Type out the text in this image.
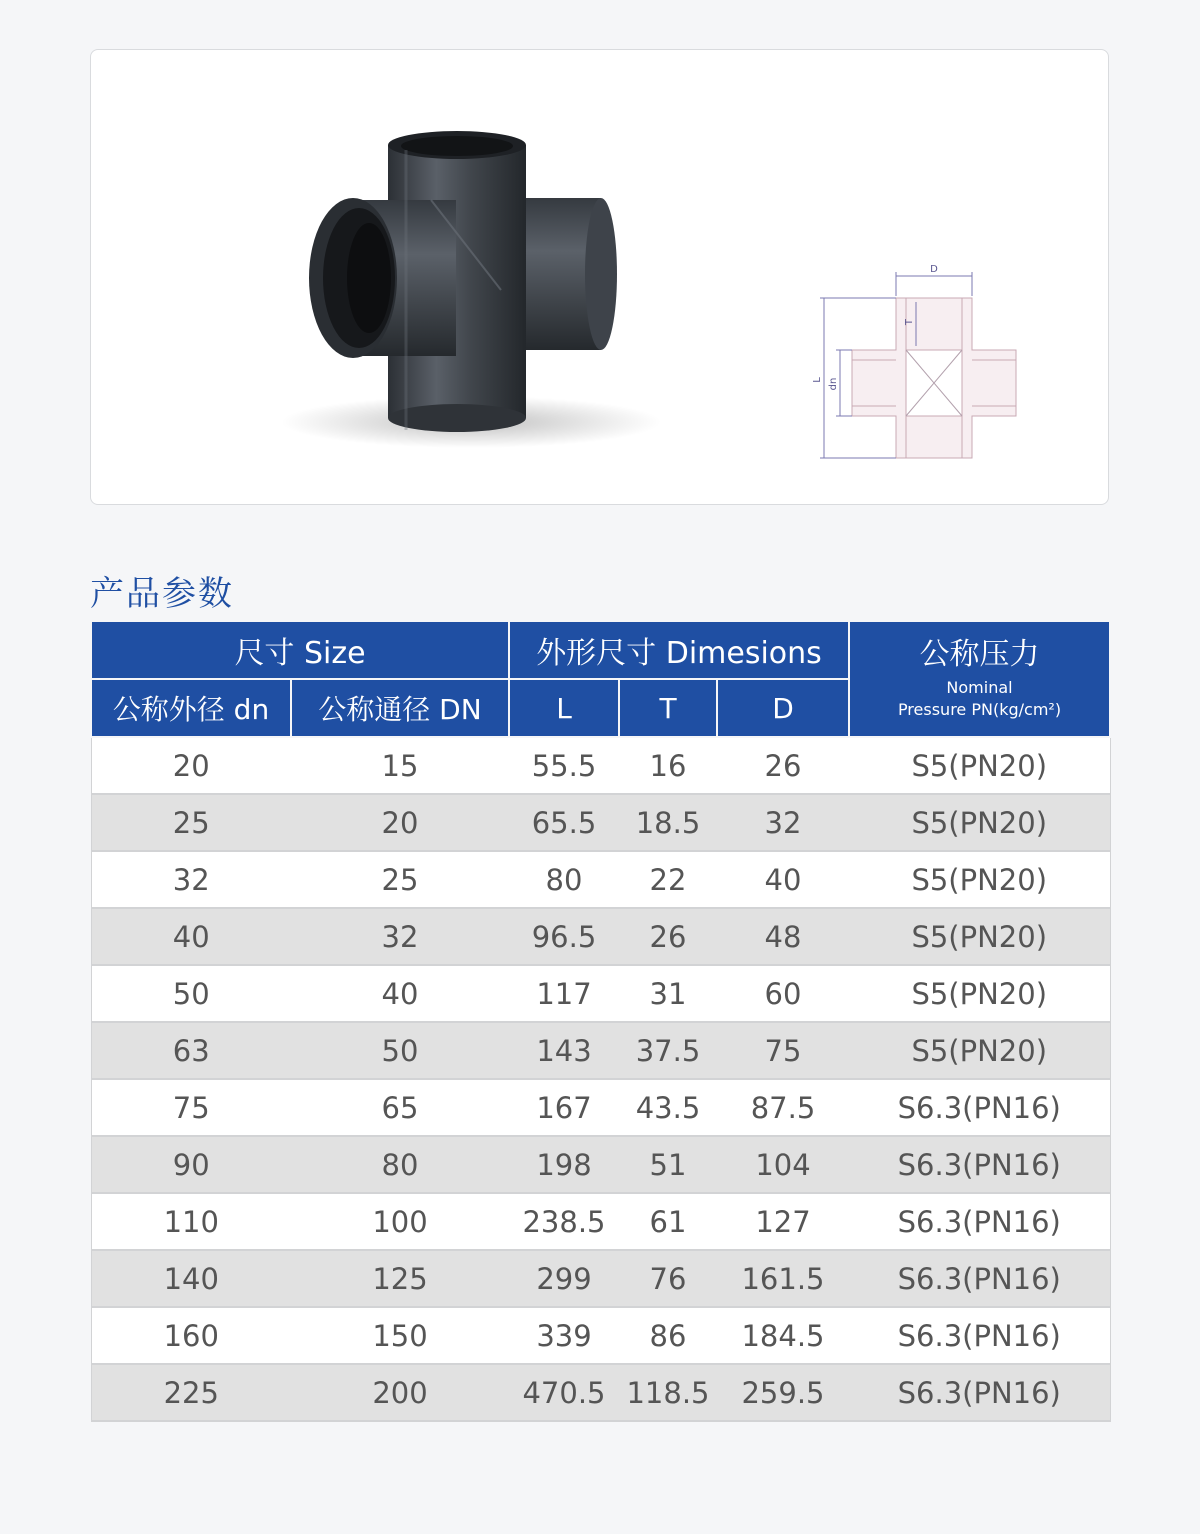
D
T
L dn
产品参数
尺寸 Size		外形尺寸 Dimesions			公称压力
Nominal
Pressure PN(kg/cm²)

公称外径 dn	公称通径 DN	L	T	D	
20	15	55.5	16	26	S5(PN20)
25	20	65.5	18.5	32	S5(PN20)
32	25	80	22	40	S5(PN20)
40	32	96.5	26	48	S5(PN20)
50	40	117	31	60	S5(PN20)
63	50	143	37.5	75	S5(PN20)
75	65	167	43.5	87.5	S6.3(PN16)
90	80	198	51	104	S6.3(PN16)
110	100	238.5	61	127	S6.3(PN16)
140	125	299	76	161.5	S6.3(PN16)
160	150	339	86	184.5	S6.3(PN16)
225	200	470.5	118.5	259.5	S6.3(PN16)
